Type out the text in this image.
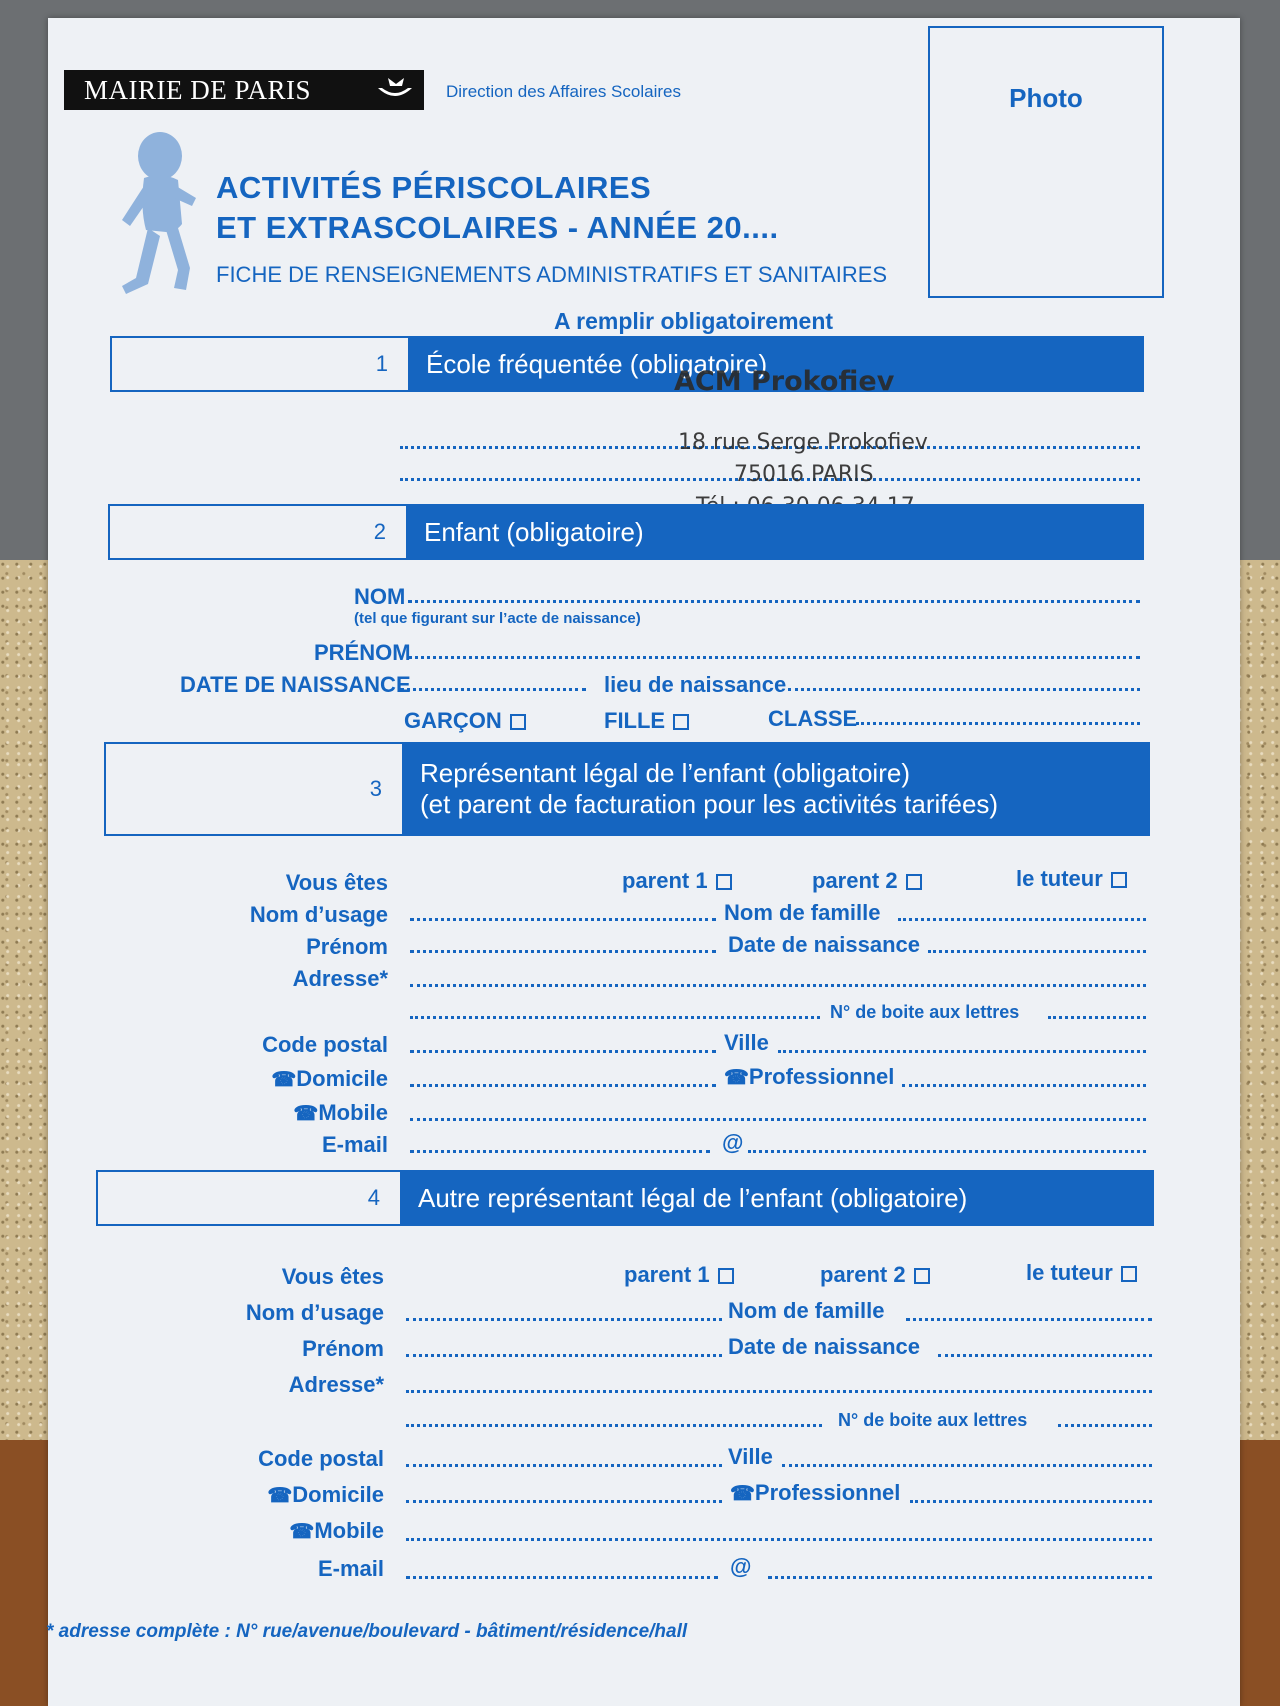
MAIRIE DE PARIS	Direction des Affaires Scolaires	Photo
ACTIVITÉS PÉRISCOLAIRES
ET EXTRASCOLAIRES - ANNÉE 20....
FICHE DE RENSEIGNEMENTS ADMINISTRATIFS ET SANITAIRES
A remplir obligatoirement
1	École fréquentée (obligatoire)
ACM Prokofiev
18 rue Serge Prokofiev
75016 PARIS
2	Enfant (obligatoire)
NOM
(tel que figurant sur l’acte de naissance)
PRÉNOM
DATE DE NAISSANCE	lieu de naissance
GARÇON	FILLE	CLASSE
3
Représentant légal de l’enfant (obligatoire)
(et parent de facturation pour les activités tarifées)
Vous êtes	parent 1	parent 2	le tuteur
Nom d’usage	Nom de famille
Prénom	Date de naissance
Adresse*
N° de boite aux lettres
Code postal	Ville
☎Domicile	☎Professionnel
☎Mobile
E-mail	@
4	Autre représentant légal de l’enfant (obligatoire)
Vous êtes	parent 1	parent 2	le tuteur
Nom d’usage	Nom de famille
Prénom	Date de naissance
Adresse*
N° de boite aux lettres
Code postal	Ville
☎Domicile	☎Professionnel
☎Mobile
E-mail	@
* adresse complète : N° rue/avenue/boulevard - bâtiment/résidence/hall
